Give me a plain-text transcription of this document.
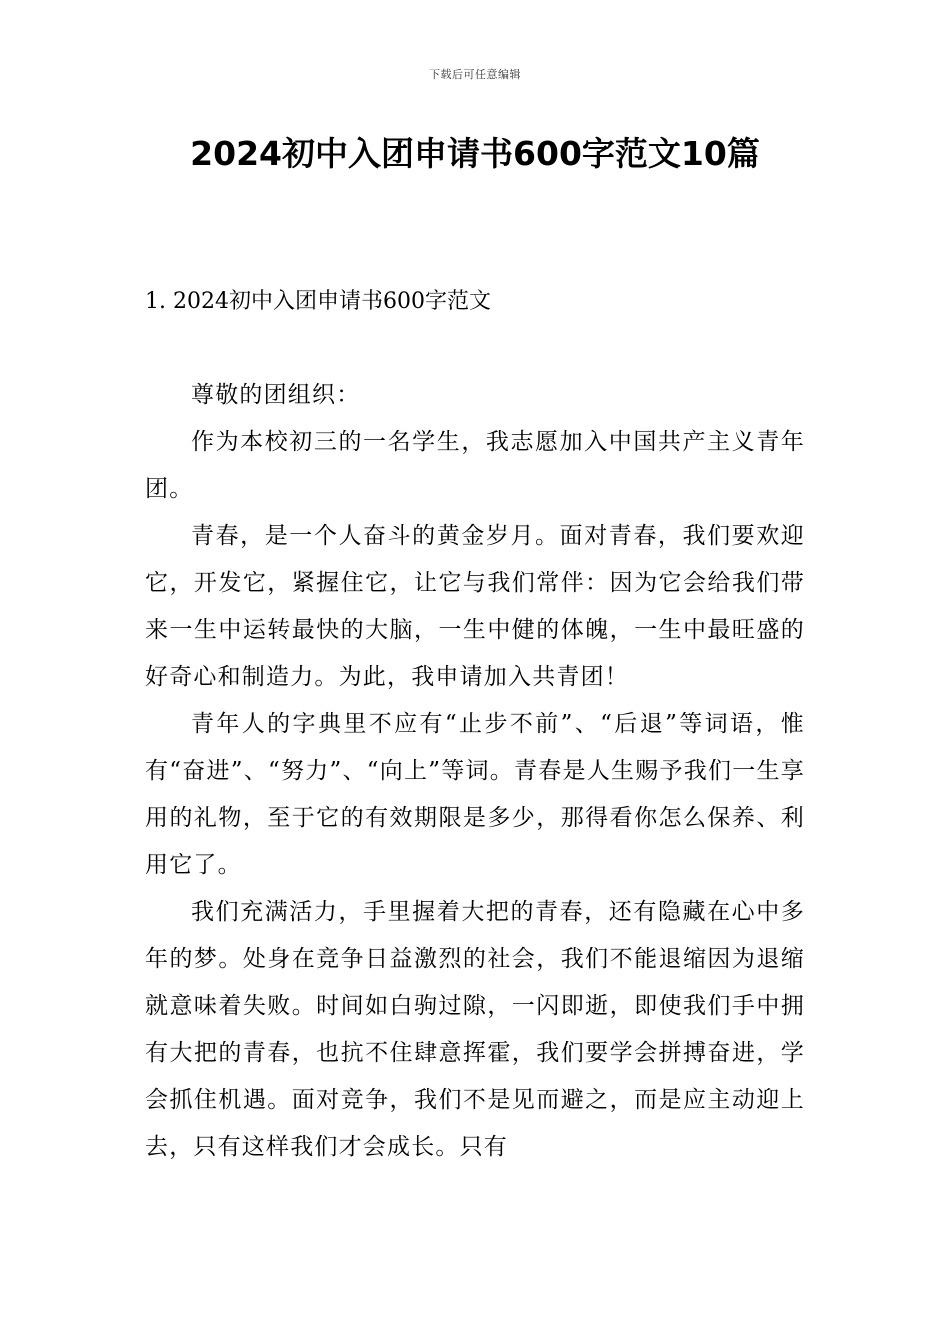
下载后可任意编辑
2024初中入团申请书600字范文10篇
1. 2024初中入团申请书600字范文

尊敬的团组织：

作为本校初三的一名学生，我志愿加入中国共产主义青年团。

青春，是一个人奋斗的黄金岁月。面对青春，我们要欢迎它，开发它，紧握住它，让它与我们常伴：因为它会给我们带来一生中运转最快的大脑，一生中健的体魄，一生中最旺盛的好奇心和制造力。为此，我申请加入共青团！

青年人的字典里不应有“止步不前”、“后退”等词语，惟有“奋进”、“努力”、“向上”等词。青春是人生赐予我们一生享用的礼物，至于它的有效期限是多少，那得看你怎么保养、利用它了。

我们充满活力，手里握着大把的青春，还有隐藏在心中多年的梦。处身在竞争日益激烈的社会，我们不能退缩因为退缩就意味着失败。时间如白驹过隙，一闪即逝，即使我们手中拥有大把的青春，也抗不住肆意挥霍，我们要学会拼搏奋进，学会抓住机遇。面对竞争，我们不是见而避之，而是应主动迎上去，只有这样我们才会成长。只有
